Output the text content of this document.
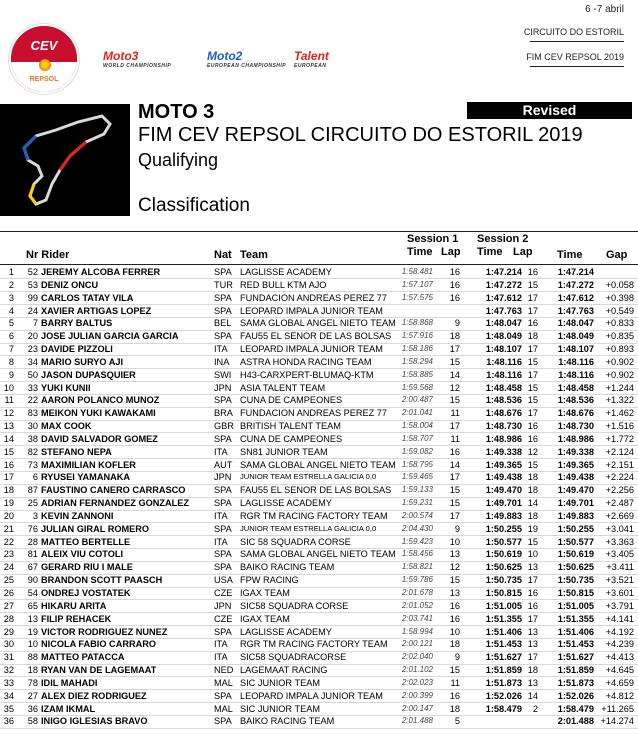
CEV
REPSOL
Moto3
WORLD CHAMPIONSHIP
Moto2
EUROPEAN CHAMPIONSHIP
Talent
EUROPEAN
6 -7 abril
CIRCUITO DO ESTORIL
FIM CEV REPSOL 2019
Revised
MOTO 3
FIM CEV REPSOL CIRCUITO DO ESTORIL 2019
Qualifying
Classification
Session 1 Session 2
Nr Rider	Nat Team	Time Lap Time Lap Time Gap
1	52 JEREMY ALCOBA FERRER	SPA LAGLISSE ACADEMY	1:58.481	16	1:47.214 16	1:47.214
2	53 DENIZ ONCU	TUR RED BULL KTM AJO	1:57.107	16	1:47.272 15	1:47.272	+0.058
3	99 CARLOS TATAY VILA	SPA FUNDACION ANDREAS PEREZ 77	1:57.575	16	1:47.612 17	1:47.612	+0.398
4	24 XAVIER ARTIGAS LOPEZ	SPA LEOPARD IMPALA JUNIOR TEAM	1:47.763 17	1:47.763	+0.549
5	7 BARRY BALTUS	BEL SAMA GLOBAL ANGEL NIETO TEAM 1:58.868	9	1:48.047 16	1:48.047	+0.833
6	20 JOSE JULIAN GARCIA GARCIA	SPA FAU55 EL SENOR DE LAS BOLSAS	1:57.916	18	1:48.049 18	1:48.049	+0.835
7	23 DAVIDE PIZZOLI	ITA LEOPARD IMPALA JUNIOR TEAM	1:58.186	17	1:48.107 17	1:48.107	+0.893
8	34 MARIO SURYO AJI	INA ASTRA HONDA RACING TEAM	1:58.294	15	1:48.116 15	1:48.116	+0.902
9	50 JASON DUPASQUIER	SWI H43-CARXPERT-BLUMAQ-KTM	1:58.885	14	1:48.116 17	1:48.116	+0.902
10	33 YUKI KUNII	JPN ASIA TALENT TEAM	1:59.568	12	1:48.458 15	1:48.458	+1.244
11	22 AARON POLANCO MUNOZ	SPA CUNA DE CAMPEONES	2:00.487	15	1:48.536 15	1:48.536	+1.322
12	83 MEIKON YUKI KAWAKAMI	BRA FUNDACION ANDREAS PEREZ 77	2:01.041	11	1:48.676 17	1:48.676	+1.462
13	30 MAX COOK	GBR BRITISH TALENT TEAM	1:58.004	17	1:48.730 16	1:48.730	+1.516
14	38 DAVID SALVADOR GOMEZ	SPA CUNA DE CAMPEONES	1:58.707	11	1:48.986 16	1:48.986	+1.772
15	82 STEFANO NEPA	ITA SN81 JUNIOR TEAM	1:59.082	16	1:49.338 12	1:49.338	+2.124
16	73 MAXIMILIAN KOFLER	AUT SAMA GLOBAL ANGEL NIETO TEAM 1:58.795	14	1:49.365 15	1:49.365	+2.151
17	6 RYUSEI YAMANAKA	JPN JUNIOR TEAM ESTRELLA GALICIA 0,0	1:59.465	17	1:49.438 18	1:49.438	+2.224
18	87 FAUSTINO CANERO CARRASCO	SPA FAU55 EL SENOR DE LAS BOLSAS	1:59.133	15	1:49.470 18	1:49.470	+2.256
19	25 ADRIAN FERNANDEZ GONZALEZ	SPA LAGLISSE ACADEMY	1:59.231	15	1:49.701 14	1:49.701	+2.487
20	3 KEVIN ZANNONI	ITA RGR TM RACING FACTORY TEAM	2:00.574	17	1:49.883 18	1:49.883	+2.669
21	76 JULIAN GIRAL ROMERO	SPA JUNIOR TEAM ESTRELLA GALICIA 0,0	2:04.430	9	1:50.255 19	1:50.255	+3.041
22	28 MATTEO BERTELLE	ITA SIC 58 SQUADRA CORSE	1:59.423	10	1:50.577 15	1:50.577	+3.363
23	81 ALEIX VIU COTOLI	SPA SAMA GLOBAL ANGEL NIETO TEAM 1:58.456	13	1:50.619 10	1:50.619	+3.405
24	67 GERARD RIU I MALE	SPA BAIKO RACING TEAM	1:58.821	12	1:50.625 13	1:50.625	+3.411
25	90 BRANDON SCOTT PAASCH	USA FPW RACING	1:59.786	15	1:50.735 17	1:50.735	+3.521
26	54 ONDREJ VOSTATEK	CZE IGAX TEAM	2:01.678	13	1:50.815 16	1:50.815	+3.601
27	65 HIKARU ARITA	JPN SIC58 SQUADRA CORSE	2:01.052	16	1:51.005 16	1:51.005	+3.791
28	13 FILIP REHACEK	CZE IGAX TEAM	2:03.741	16	1:51.355 17	1:51.355	+4.141
29	19 VICTOR RODRIGUEZ NUNEZ	SPA LAGLISSE ACADEMY	1:58.994	10	1:51.406 13	1:51.406	+4.192
30	10 NICOLA FABIO CARRARO	ITA RGR TM RACING FACTORY TEAM	2:00.121	18	1:51.453 13	1:51.453	+4.239
31	88 MATTEO PATACCA	ITA SIC58 SQUADRACORSE	2:02.040	9	1:51.627 17	1:51.627	+4.413
32	18 RYAN VAN DE LAGEMAAT	NED LAGEMAAT RACING	2:01.102	15	1:51.859 18	1:51.859	+4.645
33	78 IDIL MAHADI	MAL SIC JUNIOR TEAM	2:02.023	11	1:51.873 13	1:51.873	+4.659
34	27 ALEX DIEZ RODRIGUEZ	SPA LEOPARD IMPALA JUNIOR TEAM	2:00.399	16	1:52.026 14	1:52.026	+4.812
35	36 IZAM IKMAL	MAL SIC JUNIOR TEAM	2:00.147	18	1:58.479	2	1:58.479 +11.265
36	58 INIGO IGLESIAS BRAVO	SPA BAIKO RACING TEAM	2:01.488	5	2:01.488 +14.274
